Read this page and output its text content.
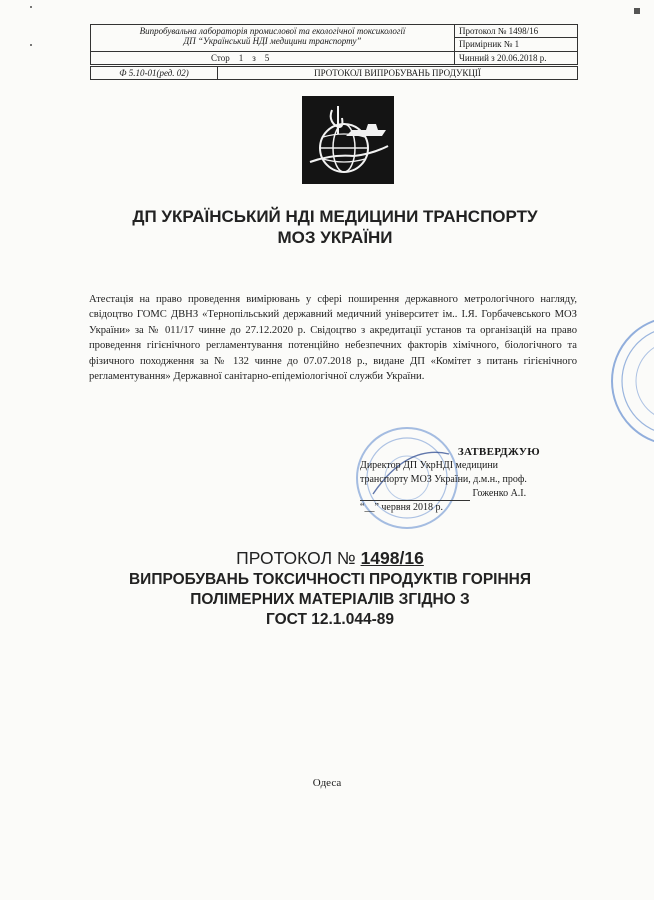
Випробувальна лабораторія промислової та екологічної токсикології
ДП “Український НДІ медицини транспорту”	Протокол № 1498/16
	Примірник № 1
Стор 1 з 5	Чинний з 20.06.2018 р.
Ф 5.10-01(ред. 02)	ПРОТОКОЛ ВИПРОБУВАНЬ ПРОДУКЦІЇ
ДП УКРАЇНСЬКИЙ НДІ МЕДИЦИНИ ТРАНСПОРТУ
МОЗ УКРАЇНИ
Атестація на право проведення вимірювань у сфері поширення державного метрологічного нагляду, свідоцтво ГОМС ДВНЗ «Тернопільський державний медичний університет ім.. І.Я. Горбачевського МОЗ України» за № 011/17 чинне до 27.12.2020 р. Свідоцтво з акредитації установ та організацій на право проведення гігієнічного регламентування потенційно небезпечних факторів хімічного, біологічного та фізичного походження за № 132 чинне до 07.07.2018 р., видане ДП «Комітет з питань гігієнічного регламентування» Державної санітарно-епідеміологічної служби України.
ЗАТВЕРДЖУЮ
Директор ДП УкрНДІ медицини
транспорту МОЗ України, д.м.н., проф.
Гоженко А.І.
“__” червня 2018 р.
ПРОТОКОЛ № 1498/16
ВИПРОБУВАНЬ ТОКСИЧНОСТІ ПРОДУКТІВ ГОРІННЯ
ПОЛІМЕРНИХ МАТЕРІАЛІВ ЗГІДНО З
ГОСТ 12.1.044-89
Одеса
